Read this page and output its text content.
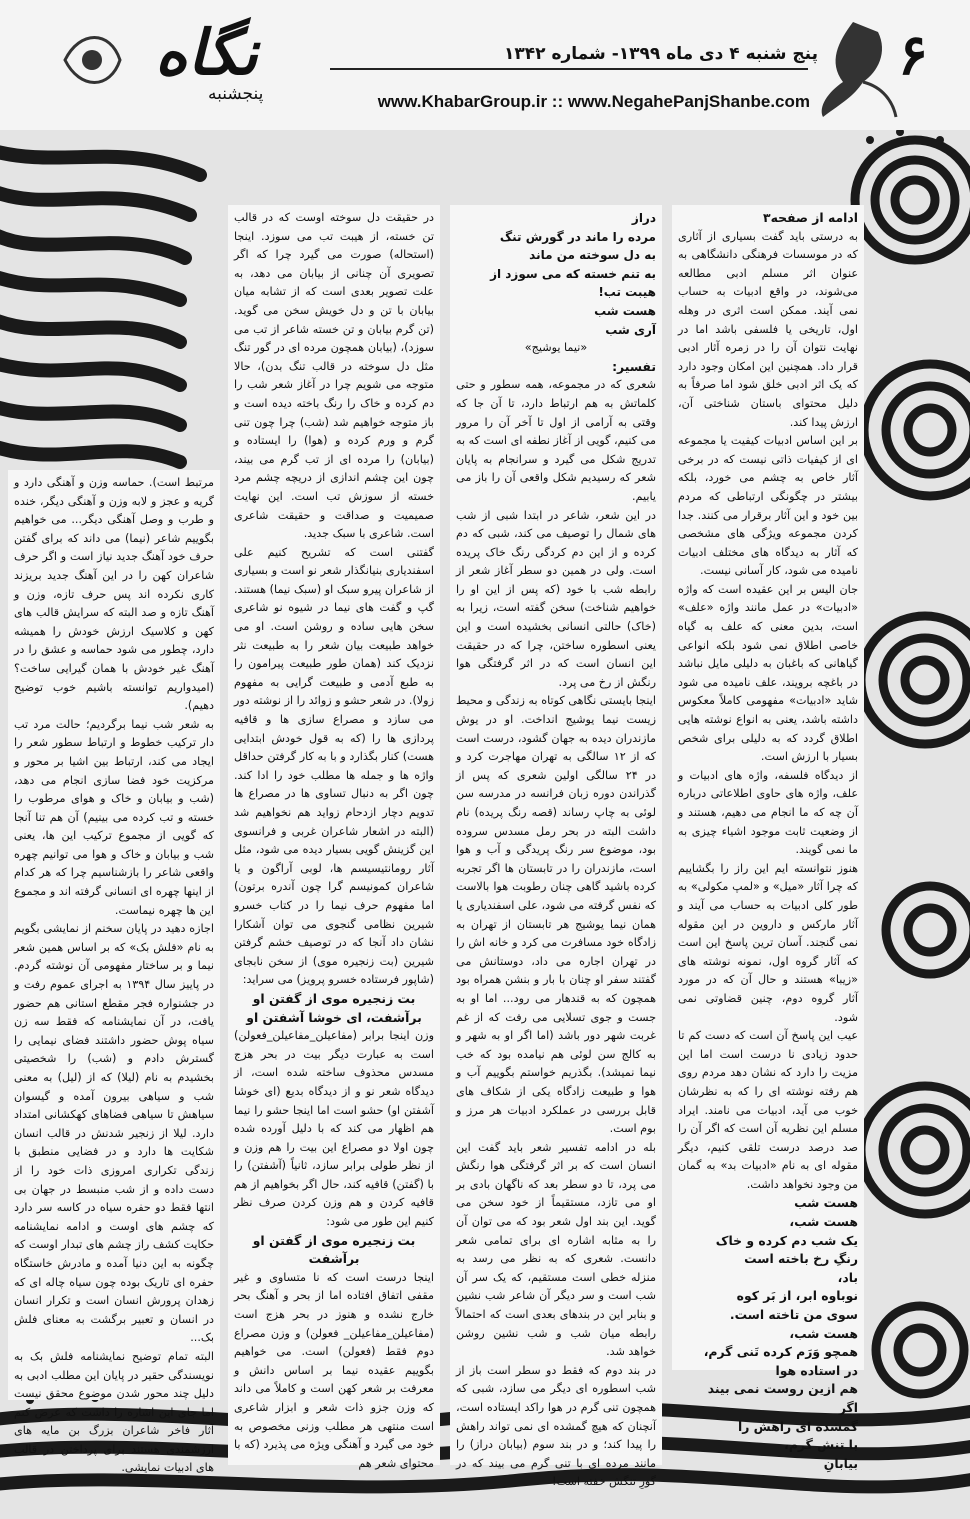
۶
نگاه
پنجشنبه
پنج شنبه ۴ دی ماه ۱۳۹۹- شماره ۱۳۴۲
www.KhabarGroup.ir :: www.NegahePanjShanbe.com

ادامه از صفحه۳

به درستی باید گفت بسیاری از آثاری که در موسسات فرهنگی دانشگاهی به عنوان اثر مسلم ادبی مطالعه می‌شوند، در واقع ادبیات به حساب نمی آیند. ممکن است اثری در وهله اول، تاریخی یا فلسفی باشد اما در نهایت نتوان آن را در زمره آثار ادبی قرار داد. همچنین این امکان وجود دارد که یک اثر ادبی خلق شود اما صرفاً به دلیل محتوای باستان شناختی آن، ارزش پیدا کند.

بر این اساس ادبیات کیفیت یا مجموعه ای از کیفیات ذاتی نیست که در برخی آثار خاص به چشم می خورد، بلکه بیشتر در چگونگی ارتباطی که مردم بین خود و این آثار برقرار می کنند. جدا کردن مجموعه ویژگی های مشخصی که آثار به دیدگاه های مختلف ادبیات نامیده می شود، کار آسانی نیست.

جان الیس بر این عقیده است که واژه «ادبیات» در عمل مانند واژه «علف» است، بدین معنی که علف به گیاه خاصی اطلاق نمی شود بلکه انواعی گیاهانی که باغبان به دلیلی مایل نباشد در باغچه برویند، علف نامیده می شود شاید «ادبیات» مفهومی کاملاً معکوس داشته باشد، یعنی به انواع نوشته هایی اطلاق گردد که به دلیلی برای شخص بسیار با ارزش است.

از دیدگاه فلسفه، واژه های ادبیات و علف، واژه های حاوی اطلاعاتی درباره آن چه که ما انجام می دهیم، هستند و از وضعیت ثابت موجود اشیاء چیزی به ما نمی گویند.

هنوز نتوانسته ایم این راز را بگشاییم که چرا آثار «میل» و «لمپ مکولی» به طور کلی ادبیات به حساب می آیند و آثار مارکس و داروین در این مقوله نمی گنجند. آسان ترین پاسخ این است که آثار گروه اول، نمونه نوشته های «زیبا» هستند و حال آن که در مورد آثار گروه دوم، چنین قضاوتی نمی شود.

عیب این پاسخ آن است که دست کم تا حدود زیادی نا درست است اما این مزیت را دارد که نشان دهد مردم روی هم رفته نوشته ای را که به نظرشان خوب می آید، ادبیات می نامند. ایراد مسلم این نظریه آن است که اگر آن را صد درصد درست تلقی کنیم، دیگر مقوله ای به نام «ادبیات بد» به گمان من وجود نخواهد داشت.

هست شب

هست شب،

یک شب دم کرده و خاک

رنگِ رخ باخته است

باد،

نوباوه ابر، از بَر کوه

سوی من تاخته است.

هست شب،

همچو وَرَم کرده تَنی گرم،

در استاده هوا

هم ازین روست نمی بیند

اگر

گمشده ای راهش را

با تنش گرم،

بیابانِ

دراز

مرده را ماند در گورش تنگ

به دل سوخته من ماند

به تنم خسته که می سوزد از هیبت تب!

هست شب

آری شب

«نیما یوشیج»

تفسیر:

شعری که در مجموعه، همه سطور و حتی کلماتش به هم ارتباط دارد، تا آن جا که وقتی به آرامی از اول تا آخر آن را مرور می کنیم، گویی از آغاز نطفه ای است که به تدریج شکل می گیرد و سرانجام به پایان شعر که رسیدیم شکل واقعی آن را باز می یابیم.

در این شعر، شاعر در ابتدا شبی از شب های شمال را توصیف می کند، شبی که دم کرده و از این دم کردگی رنگ خاک پریده است. ولی در همین دو سطر آغاز شعر از رابطه شب با خود (که پس از این او را خواهیم شناخت) سخن گفته است، زیرا به (خاک) حالتی انسانی بخشیده است و این یعنی اسطوره ساختن، چرا که در حقیقت این انسان است که در اثر گرفتگی هوا رنگش از رخ می پرد.

اینجا بایستی نگاهی کوتاه به زندگی و محیط زیست نیما یوشیج انداخت. او در یوش مازندران دیده به جهان گشود، درست است که از ۱۲ سالگی به تهران مهاجرت کرد و در ۲۴ سالگی اولین شعری که پس از گذراندن دوره زبان فرانسه در مدرسه سن لوئی به چاپ رساند (قصه رنگ پریده) نام داشت البته در بحر رمل مسدس سروده بود، موضوع سر رنگ پریدگی و آب و هوا است، مازندران را در تابستان ها اگر تجربه کرده باشید گاهی چنان رطوبت هوا بالاست که نفس گرفته می شود، علی اسفندیاری یا همان نیما یوشیج هر تابستان از تهران به زادگاه خود مسافرت می کرد و خانه اش را در تهران اجاره می داد، دوستانش می گفتند سفر او چنان با بار و بنشن همراه بود همچون که به قندهار می رود... اما او به جست و جوی تسلایی می رفت که از غم غربت شهر دور باشد (اما اگر او به شهر و به کالج سن لوئی هم نیامده بود که خب نیما نمیشد). بگذریم خواستم بگوییم آب و هوا و طبیعت زادگاه یکی از شکاف های قابل بررسی در عملکرد ادبیات هر مرز و بوم است.

بله در ادامه تفسیر شعر باید گفت این انسان است که بر اثر گرفتگی هوا رنگش می پرد، تا دو سطر بعد که ناگهان بادی بر او می تازد، مستقیماً از خود سخن می گوید. این بند اول شعر بود که می توان آن را به مثابه اشاره ای برای تمامی شعر دانست. شعری که به نظر می رسد به منزله خطی است مستقیم، که یک سر آن شب است و سر دیگر آن شاعر شب نشین و بنابر این در بندهای بعدی است که احتمالاً رابطه میان شب و شب نشین روشن خواهد شد.

در بند دوم که فقط دو سطر است باز از شب اسطوره ای دیگر می سازد، شبی که همچون تنی گرم در هوا راکد ایستاده است، آنچنان که هیچ گمشده ای نمی تواند راهش را پیدا کند؛ و در بند سوم (بیابان دراز) را مانند مرده ای با تنی گرم می بیند که در گورِ تنگش خفته است!

در حقیقت دل سوخته اوست که در قالب تن خسته، از هیبت تب می سوزد. اینجا (استحاله) صورت می گیرد چرا که اگر تصویری آن چنانی از بیابان می دهد، به علت تصویر بعدی است که از تشابه میان بیابان با تن و دل خویش سخن می گوید. (تن گرم بیابان و تن خسته شاعر از تب می سوزد)، (بیابان همچون مرده ای در گور تنگ مثل دل سوخته در قالب تنگ بدن)، حالا متوجه می شویم چرا در آغاز شعر شب را دم کرده و خاک را رنگ باخته دیده است و باز متوجه خواهیم شد (شب) چرا چون تنی گرم و ورم کرده و (هوا) را ایستاده و (بیابان) را مرده ای از تب گرم می بیند، چون این چشم اندازی از دریچه چشم مرد خسته از سوزش تب است. این نهایت صمیمیت و صداقت و حقیقت شاعری است. شاعری با سبک جدید.

گفتنی است که تشریح کنیم علی اسفندیاری بنیانگذار شعر نو است و بسیاری از شاعران پیرو سبک او (سبک نیما) هستند. گپ و گفت های نیما در شیوه نو شاعری سخن هایی ساده و روشن است. او می خواهد طبیعت بیان شعر را به طبیعت نثر نزدیک کند (همان طور طبیعت پیرامون را به طبع آدمی و طبیعت گرایی به مفهوم زولا). در شعر حشو و زوائد را از نوشته دور می سازد و مصراع سازی ها و قافیه پردازی ها را (که به قول خودش ابتدایی هست) کنار بگذارد و با به کار گرفتن حداقل واژه ها و جمله ها مطلب خود را ادا کند. چون اگر به دنبال تساوی ها در مصراع ها تدویم دچار ازدحام زواید هم نخواهیم شد (البته در اشعار شاعران غربی و فرانسوی این گزینش گویی بسیار دیده می شود، مثل آثار رومانتیسیسم ها، لوبی آراگون و یا شاعران کمونیسم گرا چون آندره برتون) اما مفهوم حرف نیما را در کتاب خسرو شیرین نظامی گنجوی می توان آشکارا نشان داد آنجا که در توصیف خشم گرفتن شیرین (بت زنجیره موی) از سخن نابجای (شاپور فرستاده خسرو پرویز) می سراید:

بت زنجیره موی از گفتن او برآشفت، ای خوشا آشفتن او

وزن اینجا برابر (مفاعیلن_مفاعیلن_فعولن) است به عبارت دیگر بیت در بحر هزج مسدس محذوف ساخته شده است، از دیدگاه شعر نو و از دیدگاه بدیع (ای خوشا آشفتن او) حشو است اما اینجا حشو را نیما هم اظهار می کند که با دلیل آورده شده چون اولا دو مصراع این بیت را هم وزن و از نظر طولی برابر سازد، ثانیاً (آشفتن) را با (گفتن) قافیه کند، حال اگر بخواهیم از هم قافیه کردن و هم وزن کردن صرف نظر کنیم این طور می شود:

بت زنجیره موی از گفتن او برآشفت

اینجا درست است که نا متساوی و غیر مقفی اتفاق افتاده اما از بحر و آهنگ بحر خارج نشده و هنوز در بحر هزج است (مفاعیلن_مفاعیلن_ فعولن) و وزن مصراع دوم فقط (فعولن) است. می خواهیم بگوییم عقیده نیما بر اساس دانش و معرفت بر شعر کهن است و کاملاً می داند که وزن جزو ذات شعر و ابزار شاعری است منتهی هر مطلب وزنی مخصوص به خود می گیرد و آهنگی ویژه می پذیرد (که با محتوای شعر هم

مرتبط است). حماسه وزن و آهنگی دارد و گریه و عجز و لابه وزن و آهنگی دیگر، خنده و طرب و وصل آهنگی دیگر... می خواهیم بگوییم شاعر (نیما) می داند که برای گفتن حرف خود آهنگ جدید نیاز است و اگر حرف شاعران کهن را در این آهنگ جدید بریزند کاری نکرده اند پس حرف تازه، وزن و آهنگ تازه و صد البته که سرایش قالب های کهن و کلاسیک ارزش خودش را همیشه دارد، چطور می شود حماسه و عشق را در آهنگ غیر خودش با همان گیرایی ساخت؟ (امیدواریم توانسته باشیم خوب توضیح دهیم).

به شعر شب نیما برگردیم؛ حالت مرد تب دار ترکیب خطوط و ارتباط سطور شعر را ایجاد می کند، ارتباط بین اشیا بر محور و مرکزیت خود فضا سازی انجام می دهد، (شب و بیابان و خاک و هوای مرطوب را خسته و تب کرده می بینیم) آن هم تنا آنجا که گویی از مجموع ترکیب این ها، یعنی شب و بیابان و خاک و هوا می توانیم چهره واقعی شاعر را بازشناسیم چرا که هر کدام از اینها چهره ای انسانی گرفته اند و مجموع این ها چهره نیماست.

اجازه دهید در پایان سخنم از نمایشی بگویم به نام «فلش بک» که بر اساس همین شعر نیما و بر ساختار مفهومی آن نوشته گردم. در پاییز سال ۱۳۹۴ به اجرای عموم رفت و در جشنواره فجر مقطع استانی هم حضور یافت، در آن نمایشنامه که فقط سه زن سیاه پوش حضور داشتند فضای نیمایی را گسترش دادم و (شب) را شخصیتی بخشیدم به نام (لیلا) که از (لیل) به معنی شب و سیاهی بیرون آمده و گیسوان سیاهش تا سیاهی فضاهای کهکشانی امتداد دارد. لیلا از زنجیر شدنش در قالب انسان شکایت ها دارد و در فضایی منطبق با زندگی تکراری امروزی ذات خود را از دست داده و از شب منبسط در جهان بی انتها فقط دو حفره سیاه در کاسه سر دارد که چشم های اوست و ادامه نمایشنامه حکایت کشف راز چشم های تبدار اوست که چگونه به این دنیا آمده و مادرش خاستگاه حفره ای تاریک بوده چون سیاه چاله ای که زهدان پرورش انسان است و تکرار انسان در انسان و تعبیر برگشت به معنای فلش بک...

البته تمام توضیح نمایشنامه فلش بک به نویسندگی حقیر در پایان این مطلب ادبی به دلیل چند محور شدن موضوع محقق نیست اما جای این اشاره را داشت که عرض کنم آثار فاخر شاعران بزرگ بن مایه های ارزشمندی هستند برای پرداختن در قالب های ادبیات نمایشی.
